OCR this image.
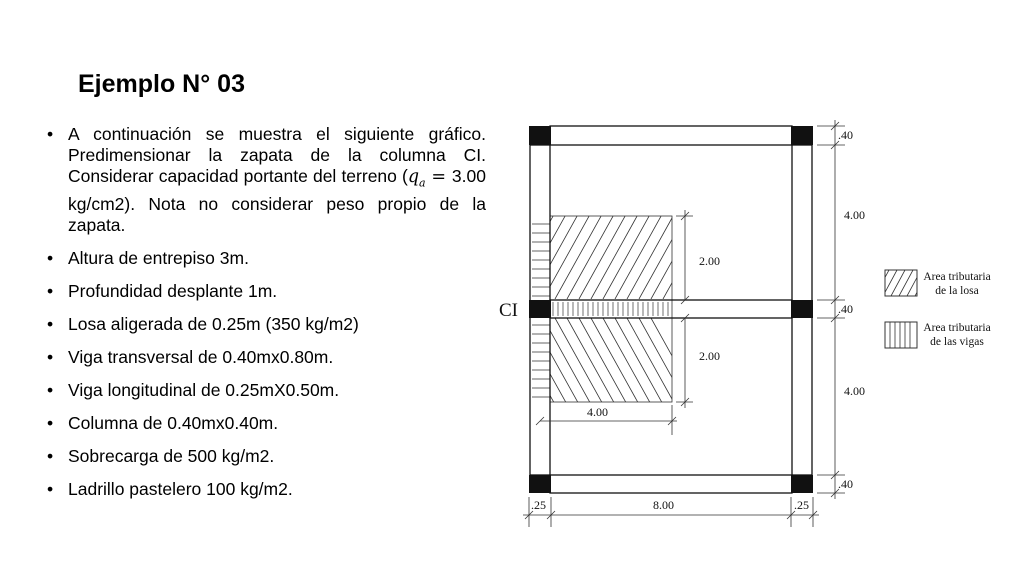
Ejemplo N° 03
• A continuación se muestra el siguiente gráfico. Predimensionar la zapata de la columna CI. Considerar capacidad portante del terreno ($q_a = 3.00$ kg/cm2). Nota no considerar peso propio de la zapata.
• Altura de entrepiso 3m.
• Profundidad desplante 1m.
• Losa aligerada de 0.25m (350 kg/m2)
• Viga transversal de 0.40mx0.80m.
• Viga longitudinal de 0.25mX0.50m.
• Columna de 0.40mx0.40m.
• Sobrecarga de 500 kg/m2.
• Ladrillo pastelero 100 kg/m2.
CI
.40
4.00
.40
4.00
.40
2.00
2.00
4.00
.25	8.00	.25
Area tributaria
de la losa
Area tributaria
de las vigas
